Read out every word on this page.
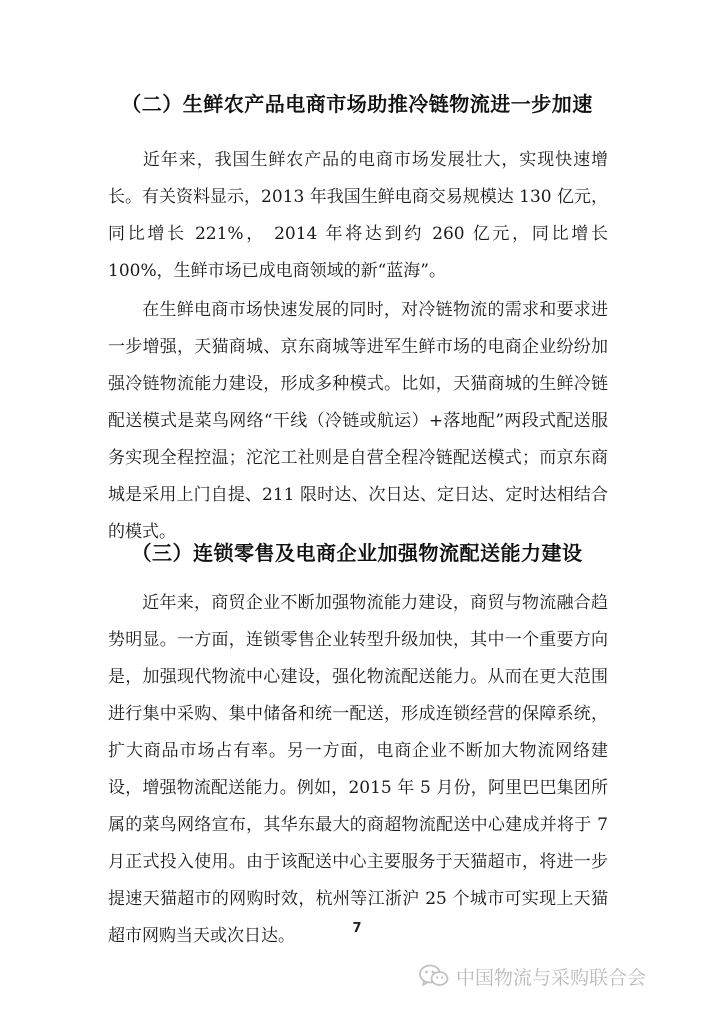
（二）生鲜农产品电商市场助推冷链物流进一步加速
近年来，我国生鲜农产品的电商市场发展壮大，实现快速增长。有关资料显示，2013 年我国生鲜电商交易规模达 130 亿元，同比增长 221%， 2014 年将达到约 260 亿元，同比增长 100%，生鲜市场已成电商领域的新“蓝海”。
在生鲜电商市场快速发展的同时，对冷链物流的需求和要求进一步增强，天猫商城、京东商城等进军生鲜市场的电商企业纷纷加强冷链物流能力建设，形成多种模式。比如，天猫商城的生鲜冷链配送模式是菜鸟网络“干线（冷链或航运）+落地配”两段式配送服务实现全程控温；沱沱工社则是自营全程冷链配送模式；而京东商城是采用上门自提、211 限时达、次日达、定日达、定时达相结合的模式。
（三）连锁零售及电商企业加强物流配送能力建设
近年来，商贸企业不断加强物流能力建设，商贸与物流融合趋势明显。一方面，连锁零售企业转型升级加快，其中一个重要方向是，加强现代物流中心建设，强化物流配送能力。从而在更大范围进行集中采购、集中储备和统一配送，形成连锁经营的保障系统，扩大商品市场占有率。另一方面，电商企业不断加大物流网络建设，增强物流配送能力。例如，2015 年 5 月份，阿里巴巴集团所属的菜鸟网络宣布，其华东最大的商超物流配送中心建成并将于 7 月正式投入使用。由于该配送中心主要服务于天猫超市，将进一步提速天猫超市的网购时效，杭州等江浙沪 25 个城市可实现上天猫超市网购当天或次日达。	7
中国物流与采购联合会
